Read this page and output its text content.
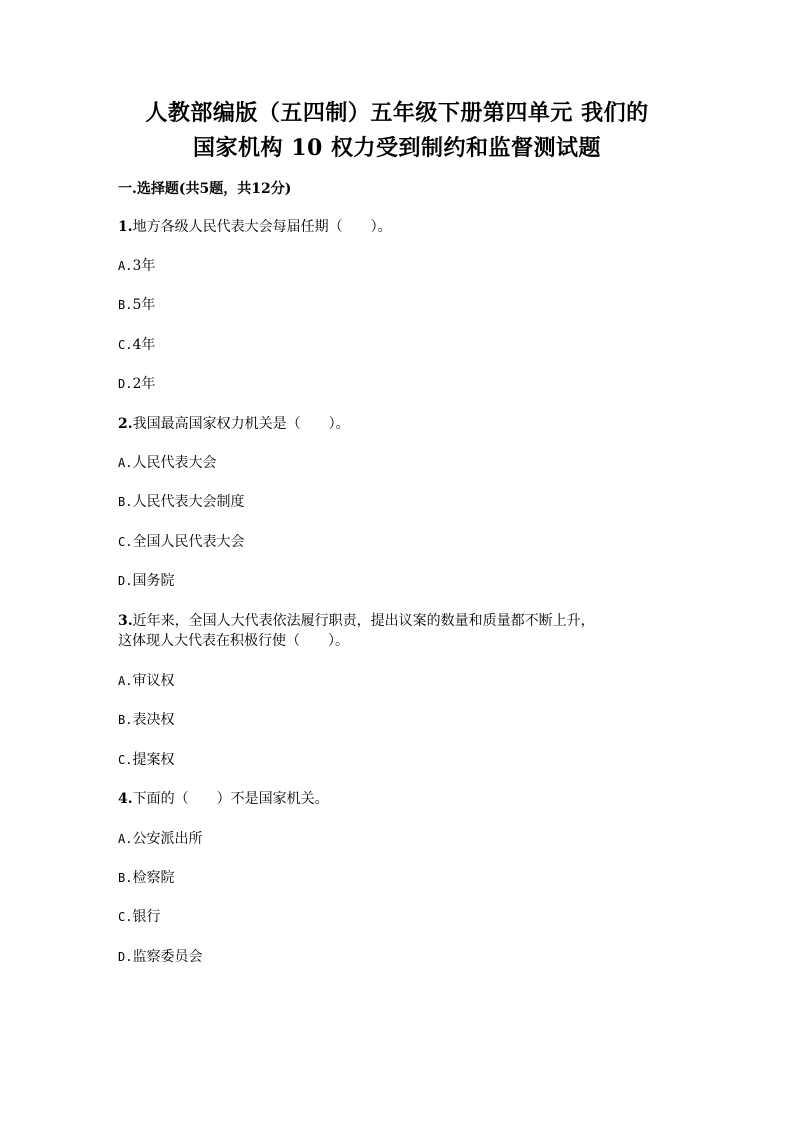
人教部编版（五四制）五年级下册第四单元 我们的
国家机构 10 权力受到制约和监督测试题
一.选择题(共5题，共12分)
1.地方各级人民代表大会每届任期（　　）。
A.3年
B.5年
C.4年
D.2年
2.我国最高国家权力机关是（　　）。
A.人民代表大会
B.人民代表大会制度
C.全国人民代表大会
D.国务院
3.近年来，全国人大代表依法履行职责，提出议案的数量和质量都不断上升，
这体现人大代表在积极行使（　　）。
A.审议权
B.表决权
C.提案权
4.下面的（　　）不是国家机关。
A.公安派出所
B.检察院
C.银行
D.监察委员会
